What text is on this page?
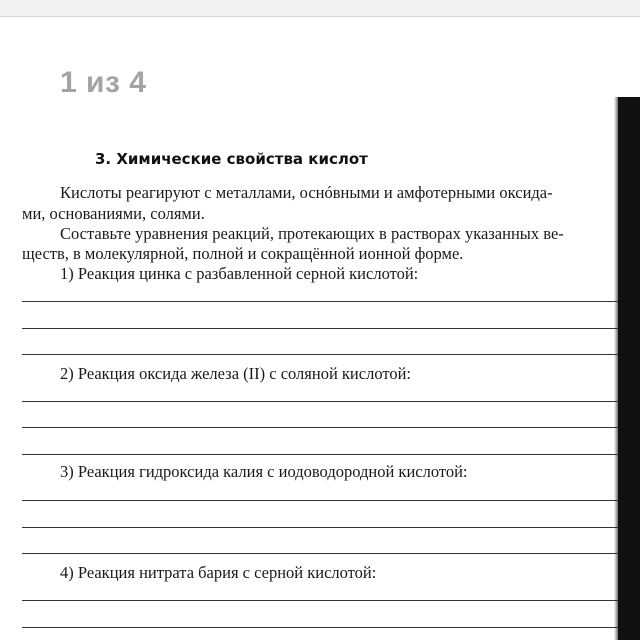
1 из 4
3. Химические свойства кислот
Кислоты реагируют с металлами, оснóвными и амфотерными оксида-
ми, основаниями, солями.
Составьте уравнения реакций, протекающих в растворах указанных ве-
ществ, в молекулярной, полной и сокращённой ионной форме.
1) Реакция цинка с разбавленной серной кислотой:
2) Реакция оксида железа (II) с соляной кислотой:
3) Реакция гидроксида калия с иодоводородной кислотой:
4) Реакция нитрата бария с серной кислотой:
